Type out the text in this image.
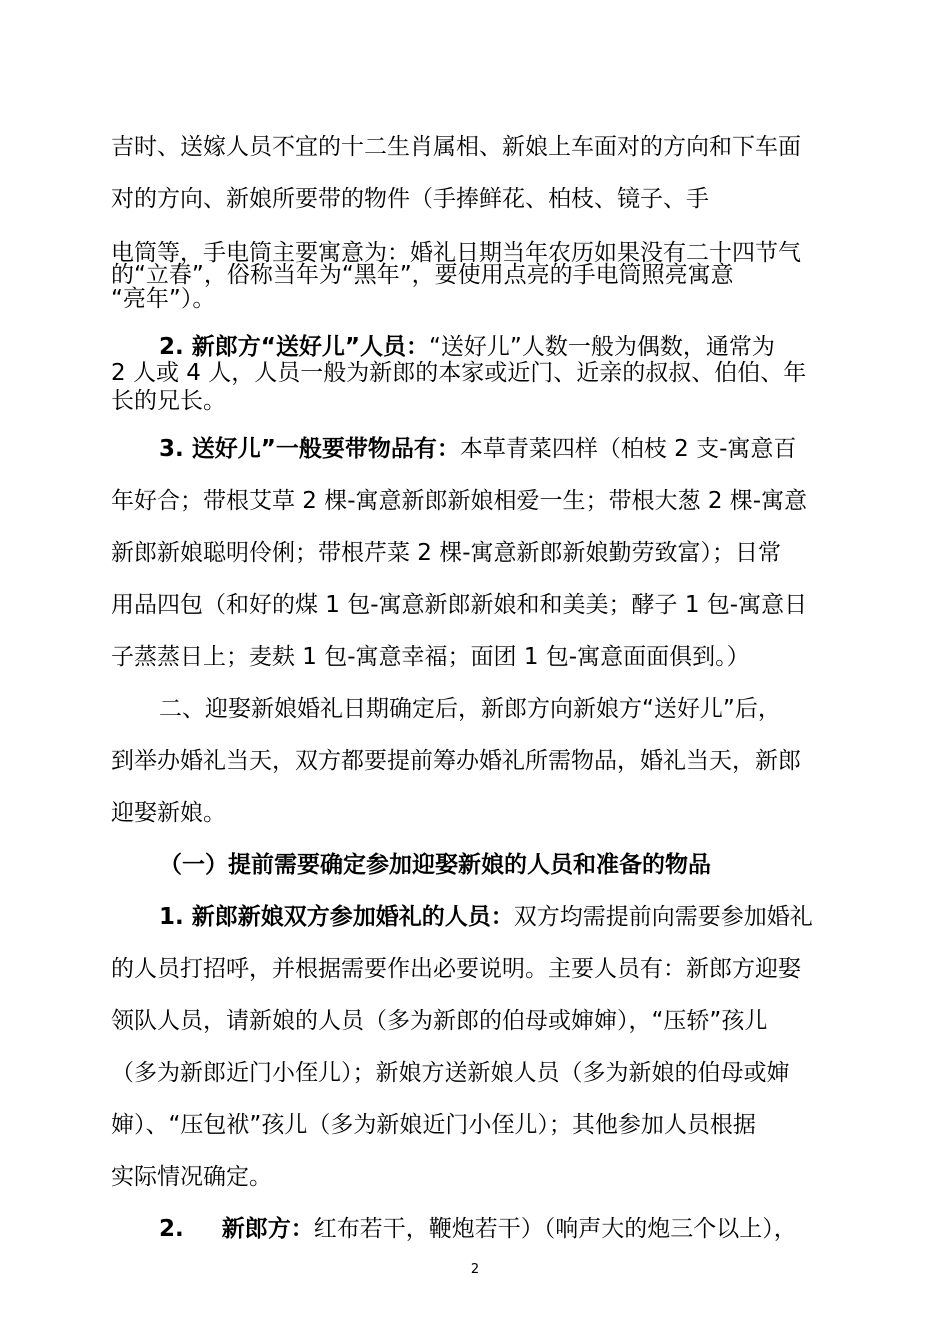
吉时、送嫁人员不宜的十二生肖属相、新娘上车面对的方向和下车面
对的方向、新娘所要带的物件（手捧鲜花、柏枝、镜子、手
电筒等，手电筒主要寓意为：婚礼日期当年农历如果没有二十四节气
的“立春”，俗称当年为“黑年”，要使用点亮的手电筒照亮寓意
“亮年”）。
2. 新郎方“送好儿”人员：“送好儿”人数一般为偶数，通常为
2 人或 4 人，人员一般为新郎的本家或近门、近亲的叔叔、伯伯、年
长的兄长。
3. 送好儿”一般要带物品有：本草青菜四样（柏枝 2 支-寓意百
年好合；带根艾草 2 棵-寓意新郎新娘相爱一生；带根大葱 2 棵-寓意
新郎新娘聪明伶俐；带根芹菜 2 棵-寓意新郎新娘勤劳致富）；日常
用品四包（和好的煤 1 包-寓意新郎新娘和和美美；酵子 1 包-寓意日
子蒸蒸日上；麦麸 1 包-寓意幸福；面团 1 包-寓意面面俱到。）
二、迎娶新娘婚礼日期确定后，新郎方向新娘方“送好儿”后，
到举办婚礼当天，双方都要提前筹办婚礼所需物品，婚礼当天，新郎
迎娶新娘。
（一）提前需要确定参加迎娶新娘的人员和准备的物品
1. 新郎新娘双方参加婚礼的人员：双方均需提前向需要参加婚礼
的人员打招呼，并根据需要作出必要说明。主要人员有：新郎方迎娶
领队人员，请新娘的人员（多为新郎的伯母或婶婶），“压轿”孩儿
（多为新郎近门小侄儿）；新娘方送新娘人员（多为新娘的伯母或婶
婶）、“压包袱”孩儿（多为新娘近门小侄儿）；其他参加人员根据
实际情况确定。
2. 新郎方：红布若干，鞭炮若干）（响声大的炮三个以上），
2
